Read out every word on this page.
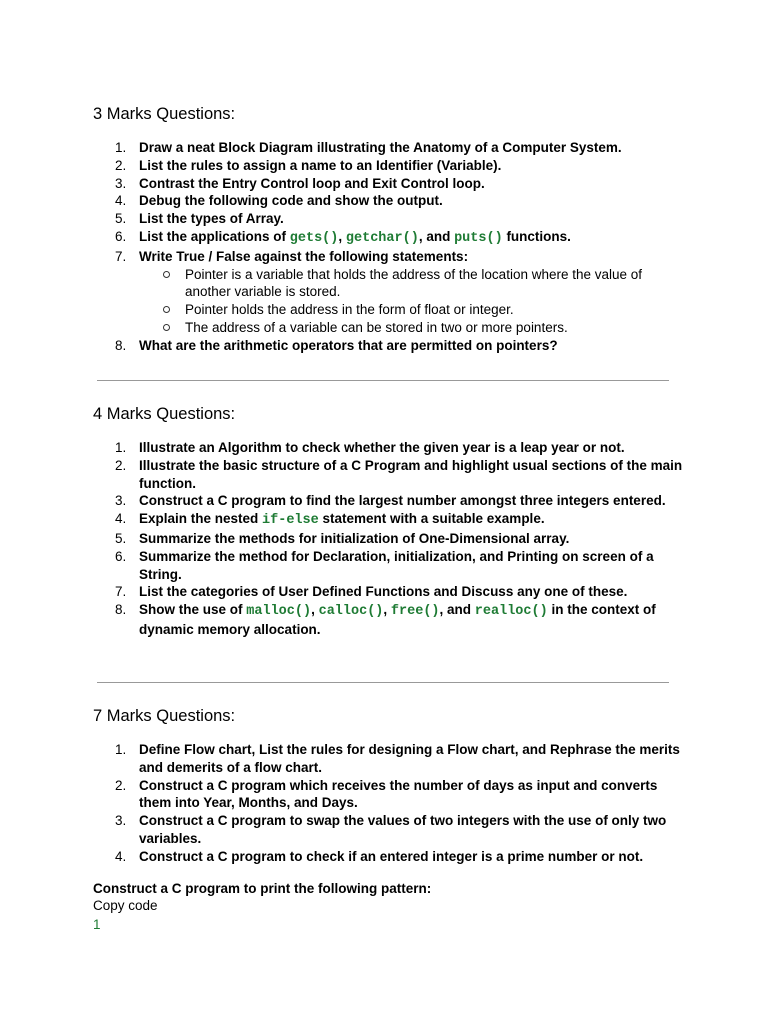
3 Marks Questions:
1. Draw a neat Block Diagram illustrating the Anatomy of a Computer System.
2. List the rules to assign a name to an Identifier (Variable).
3. Contrast the Entry Control loop and Exit Control loop.
4. Debug the following code and show the output.
5. List the types of Array.
6. List the applications of gets(), getchar(), and puts() functions.
7. Write True / False against the following statements:
Pointer is a variable that holds the address of the location where the value of another variable is stored.
Pointer holds the address in the form of float or integer.
The address of a variable can be stored in two or more pointers.
8. What are the arithmetic operators that are permitted on pointers?
4 Marks Questions:
1. Illustrate an Algorithm to check whether the given year is a leap year or not.
2. Illustrate the basic structure of a C Program and highlight usual sections of the main function.
3. Construct a C program to find the largest number amongst three integers entered.
4. Explain the nested if-else statement with a suitable example.
5. Summarize the methods for initialization of One-Dimensional array.
6. Summarize the method for Declaration, initialization, and Printing on screen of a String.
7. List the categories of User Defined Functions and Discuss any one of these.
8. Show the use of malloc(), calloc(), free(), and realloc() in the context of dynamic memory allocation.
7 Marks Questions:
1. Define Flow chart, List the rules for designing a Flow chart, and Rephrase the merits and demerits of a flow chart.
2. Construct a C program which receives the number of days as input and converts them into Year, Months, and Days.
3. Construct a C program to swap the values of two integers with the use of only two variables.
4. Construct a C program to check if an entered integer is a prime number or not.

Construct a C program to print the following pattern:

Copy code
1
